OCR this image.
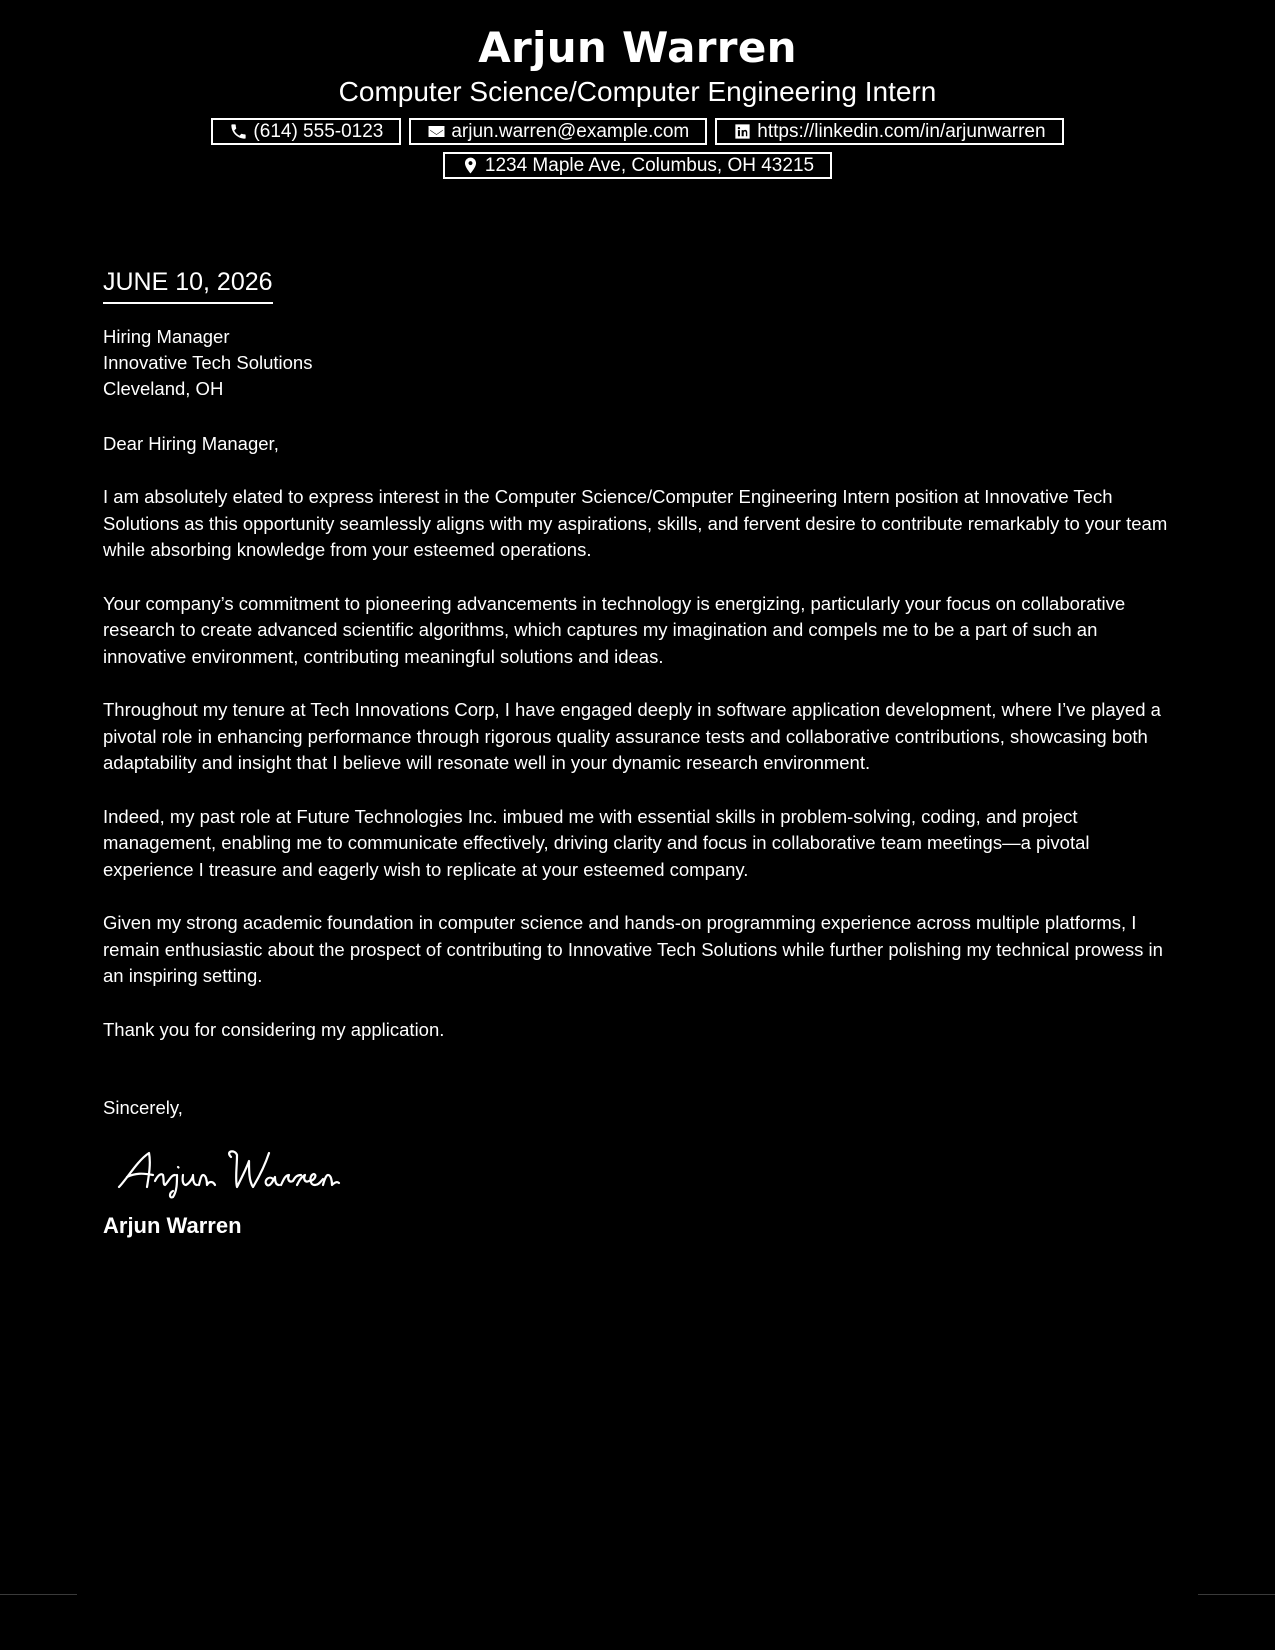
Arjun Warren
Computer Science/Computer Engineering Intern
(614) 555-0123	arjun.warren@example.com	https://linkedin.com/in/arjunwarren
1234 Maple Ave, Columbus, OH 43215
JUNE 10, 2026
Hiring Manager
Innovative Tech Solutions
Cleveland, OH
Dear Hiring Manager,
I am absolutely elated to express interest in the Computer Science/Computer Engineering Intern position at Innovative Tech Solutions as this opportunity seamlessly aligns with my aspirations, skills, and fervent desire to contribute remarkably to your team while absorbing knowledge from your esteemed operations.
Your company’s commitment to pioneering advancements in technology is energizing, particularly your focus on collaborative research to create advanced scientific algorithms, which captures my imagination and compels me to be a part of such an innovative environment, contributing meaningful solutions and ideas.
Throughout my tenure at Tech Innovations Corp, I have engaged deeply in software application development, where I’ve played a pivotal role in enhancing performance through rigorous quality assurance tests and collaborative contributions, showcasing both adaptability and insight that I believe will resonate well in your dynamic research environment.
Indeed, my past role at Future Technologies Inc. imbued me with essential skills in problem-solving, coding, and project management, enabling me to communicate effectively, driving clarity and focus in collaborative team meetings—a pivotal experience I treasure and eagerly wish to replicate at your esteemed company.
Given my strong academic foundation in computer science and hands-on programming experience across multiple platforms, I remain enthusiastic about the prospect of contributing to Innovative Tech Solutions while further polishing my technical prowess in an inspiring setting.
Thank you for considering my application.
Sincerely,
Arjun Warren
